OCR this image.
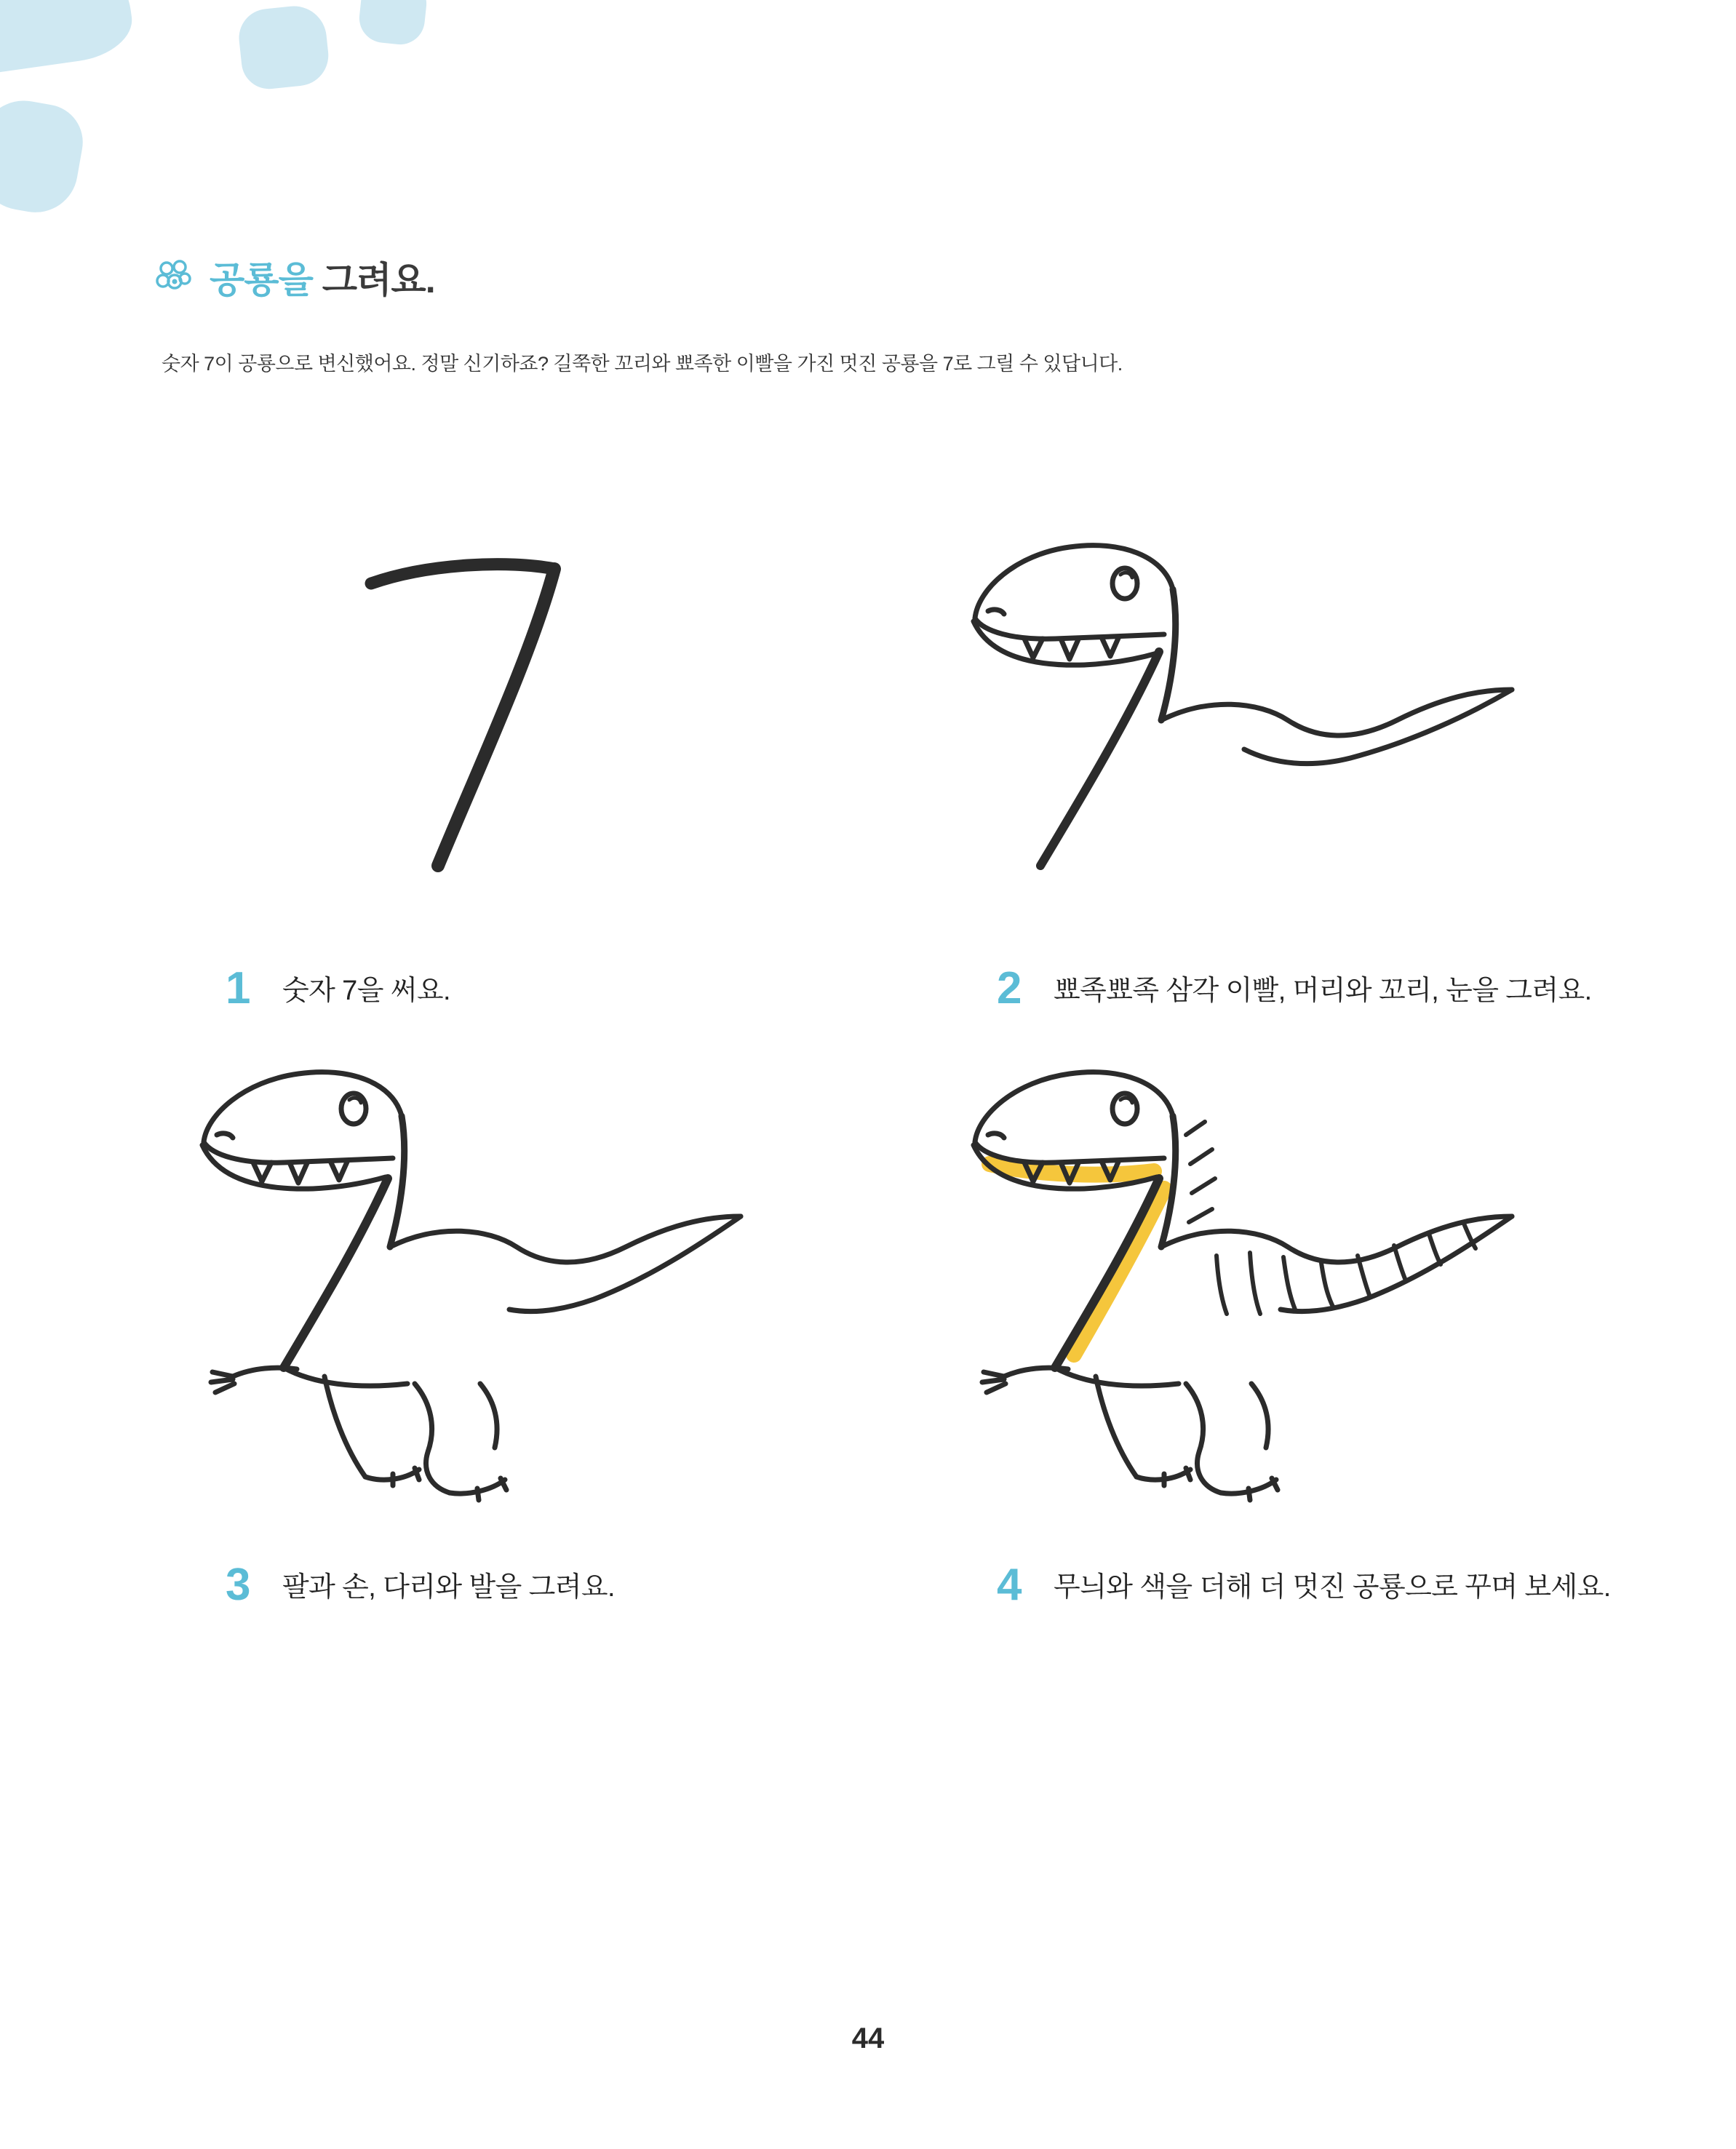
공룡을 그려요.
숫자 7이 공룡으로 변신했어요. 정말 신기하죠? 길쭉한 꼬리와 뾰족한 이빨을 가진 멋진 공룡을 7로 그릴 수 있답니다.
1	숫자 7을 써요.	2	뾰족뾰족 삼각 이빨, 머리와 꼬리, 눈을 그려요.
3	팔과 손, 다리와 발을 그려요.	4	무늬와 색을 더해 더 멋진 공룡으로 꾸며 보세요.
44
